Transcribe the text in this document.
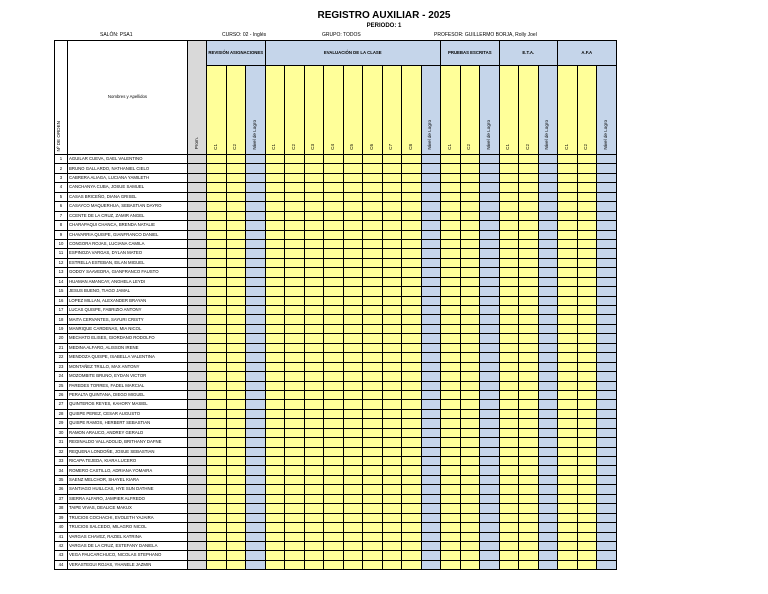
REGISTRO AUXILIAR - 2025
PERIODO: 1
SALÓN: PSA1	CURSO: 02 - Inglés	GRUPO: TODOS	PROFESOR: GUILLERMO BORJA, Rolly Joel
Nº DE ORDEN	Nombres y Apellidos	Prom.	REVISIÓN ASIGNACIONES			EVALUACIÓN DE LA CLASE									PRUEBAS ESCRITAS			E.T.A.			A.F.A		
			C1	C2	Nivel de Logro	C1	C2	C3	C4	C5	C6	C7	C8	Nivel de Logro	C1	C2	Nivel de Logro	C1	C2	Nivel de Logro	C1	C2	Nivel de Logro
1	AGUILAR CUEVA, GAEL VALENTINO																						
2	BRUNO GALLARDO, NATHANIEL CIELO																						
3	CABRERA ALIAGA, LUCIANA YAMILETH																						
4	CANCHANYA CUBA, JOSUE SAMUEL																						
5	CASAS BRICEÑO, DIANA GRISEL																						
6	CASAYCO MAQUERHUA, SEBASTIAN DAYRO																						
7	CCENTE DE LA CRUZ, ZAMIR ANGEL																						
8	CHARAPAQUI CHANCA, BRENDA NATALIE																						
9	CHAVARRIA QUISPE, GIANFRANCO DANIEL																						
10	CONGORA ROJAS, LUCIANA CAMILA																						
11	ESPINOZA VARGAS, DYLAN MATEO																						
12	ESTRELLA ESTEBAN, EILAN MIGUEL																						
13	GODOY SAAVEDRA, GIANFRANCO FAUSTO																						
14	HUAMAN AMANCAY, ANGHELA LEYDI																						
15	JESUS BUENO, TIAGO JAMAL																						
16	LOPEZ MILLAN, ALEXANDER BRAYAN																						
17	LUCAS QUISPE, FABRIZIO ANTONY																						
18	MAITA CERVANTES, SAYURI CRISTY																						
19	MANRIQUE CARDENAS, MIA NICOL																						
20	MECHATO ELISES, GIORDANO RODOLFO																						
21	MEDINA ALFARO, ALISSON IRENE																						
22	MENDOZA QUISPE, ISABELLA VALENTINA																						
23	MONTAÑEZ TRILLO, MAX ANTONY																						
24	MOZOMBITE BRUNO, EYDAN VICTOR																						
25	PAREDES TORRES, FADEL MARCIAL																						
26	PERALTA QUINTANA, DIEGO MIGUEL																						
27	QUINTEROS REYES, KAHORY MASIEL																						
28	QUISPE PEREZ, CESAR AUGUSTO																						
29	QUISPE RAMOS, HERBERT SEBASTIAN																						
30	RAMON ARAUCO, ANDREY GERALD																						
31	REGINALDO VALLADOLID, BRITHANY DAFNE																						
32	REQUENA LONDOÑE, JOSUE SEBASTIAN																						
33	RICAPA TEJEDA, KIARA LUCERO																						
34	ROMERO CASTILLO, ADRIANA YOMAIRA																						
35	SAENZ MELCHOR, SHAYEL KIARA																						
36	SANTIAGO HUILLCAS, HYE SUN DATHNE																						
37	SIERRA ALFARO, JAMPIER ALFREDO																						
38	TAIPE VIVAS, DEALICE MAKUX																						
39	TRUCIOS COCHACHI, EVOLETH YAJAIRA																						
40	TRUCIOS SALCEDO, MILAGRO NICOL																						
41	VARGAS CHAVEZ, RAZIEL KATRINA																						
42	VARGAS DE LA CRUZ, ESTEFANY DANIELA																						
43	VEGA PAUCARCHUCO, NICOLAS STEPHANO																						
44	VERASTEGUI ROJAS, YHANELE JAZMIN																						
